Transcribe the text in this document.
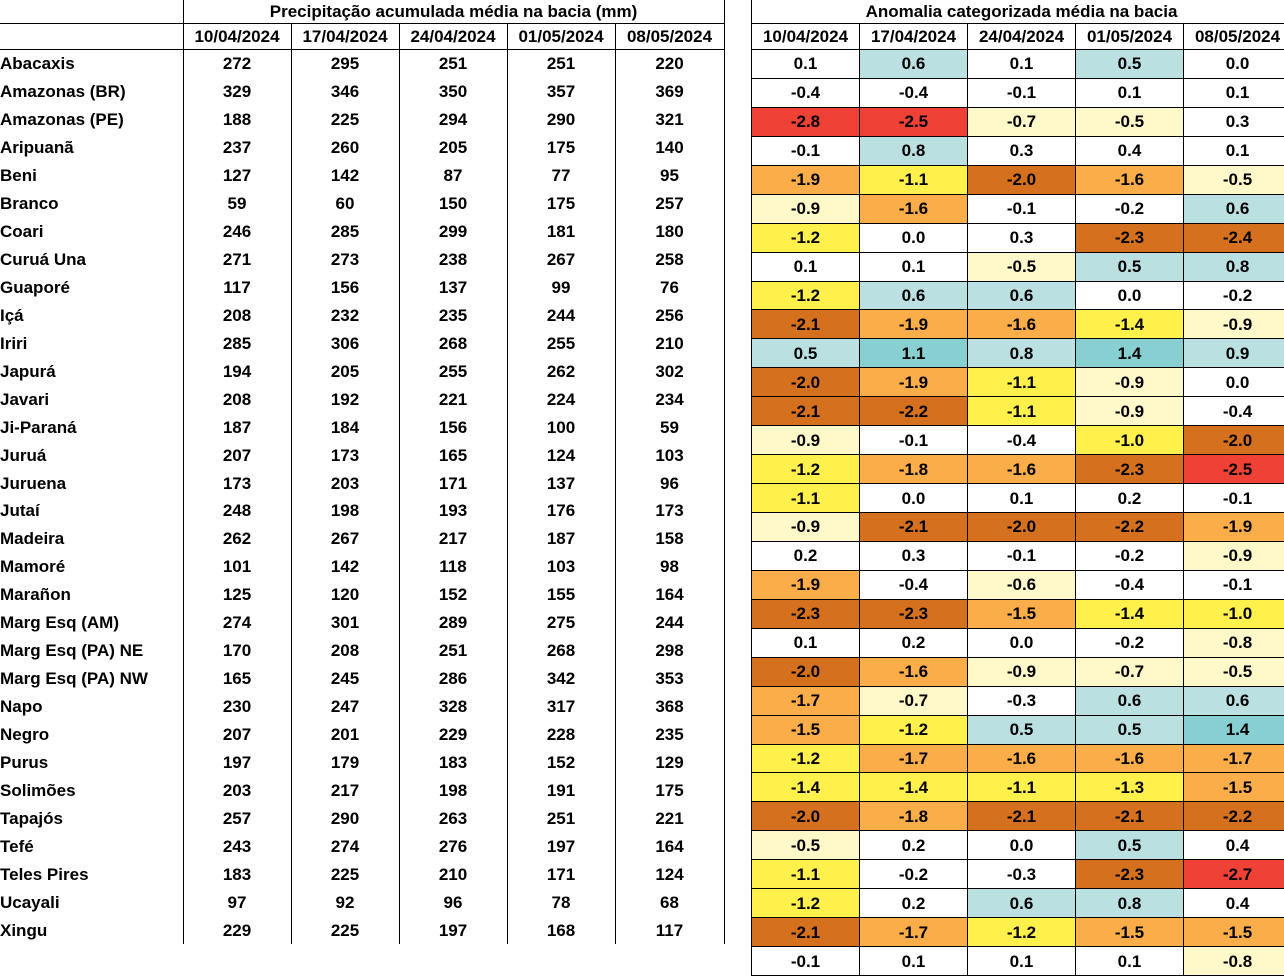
	Precipitação acumulada média na bacia (mm)				
	10/04/2024	17/04/2024	24/04/2024	01/05/2024	08/05/2024
Abacaxis	272	295	251	251	220
Amazonas (BR)	329	346	350	357	369
Amazonas (PE)	188	225	294	290	321
Aripuanã	237	260	205	175	140
Beni	127	142	87	77	95
Branco	59	60	150	175	257
Coari	246	285	299	181	180
Curuá Una	271	273	238	267	258
Guaporé	117	156	137	99	76
Içá	208	232	235	244	256
Iriri	285	306	268	255	210
Japurá	194	205	255	262	302
Javari	208	192	221	224	234
Ji-Paraná	187	184	156	100	59
Juruá	207	173	165	124	103
Juruena	173	203	171	137	96
Jutaí	248	198	193	176	173
Madeira	262	267	217	187	158
Mamoré	101	142	118	103	98
Marañon	125	120	152	155	164
Marg Esq (AM)	274	301	289	275	244
Marg Esq (PA) NE	170	208	251	268	298
Marg Esq (PA) NW	165	245	286	342	353
Napo	230	247	328	317	368
Negro	207	201	229	228	235
Purus	197	179	183	152	129
Solimões	203	217	198	191	175
Tapajós	257	290	263	251	221
Tefé	243	274	276	197	164
Teles Pires	183	225	210	171	124
Ucayali	97	92	96	78	68
Xingu	229	225	197	168	117
Anomalia categorizada média na bacia				
10/04/2024	17/04/2024	24/04/2024	01/05/2024	08/05/2024
0.1	0.6	0.1	0.5	0.0
-0.4	-0.4	-0.1	0.1	0.1
-2.8	-2.5	-0.7	-0.5	0.3
-0.1	0.8	0.3	0.4	0.1
-1.9	-1.1	-2.0	-1.6	-0.5
-0.9	-1.6	-0.1	-0.2	0.6
-1.2	0.0	0.3	-2.3	-2.4
0.1	0.1	-0.5	0.5	0.8
-1.2	0.6	0.6	0.0	-0.2
-2.1	-1.9	-1.6	-1.4	-0.9
0.5	1.1	0.8	1.4	0.9
-2.0	-1.9	-1.1	-0.9	0.0
-2.1	-2.2	-1.1	-0.9	-0.4
-0.9	-0.1	-0.4	-1.0	-2.0
-1.2	-1.8	-1.6	-2.3	-2.5
-1.1	0.0	0.1	0.2	-0.1
-0.9	-2.1	-2.0	-2.2	-1.9
0.2	0.3	-0.1	-0.2	-0.9
-1.9	-0.4	-0.6	-0.4	-0.1
-2.3	-2.3	-1.5	-1.4	-1.0
0.1	0.2	0.0	-0.2	-0.8
-2.0	-1.6	-0.9	-0.7	-0.5
-1.7	-0.7	-0.3	0.6	0.6
-1.5	-1.2	0.5	0.5	1.4
-1.2	-1.7	-1.6	-1.6	-1.7
-1.4	-1.4	-1.1	-1.3	-1.5
-2.0	-1.8	-2.1	-2.1	-2.2
-0.5	0.2	0.0	0.5	0.4
-1.1	-0.2	-0.3	-2.3	-2.7
-1.2	0.2	0.6	0.8	0.4
-2.1	-1.7	-1.2	-1.5	-1.5
-0.1	0.1	0.1	0.1	-0.8
